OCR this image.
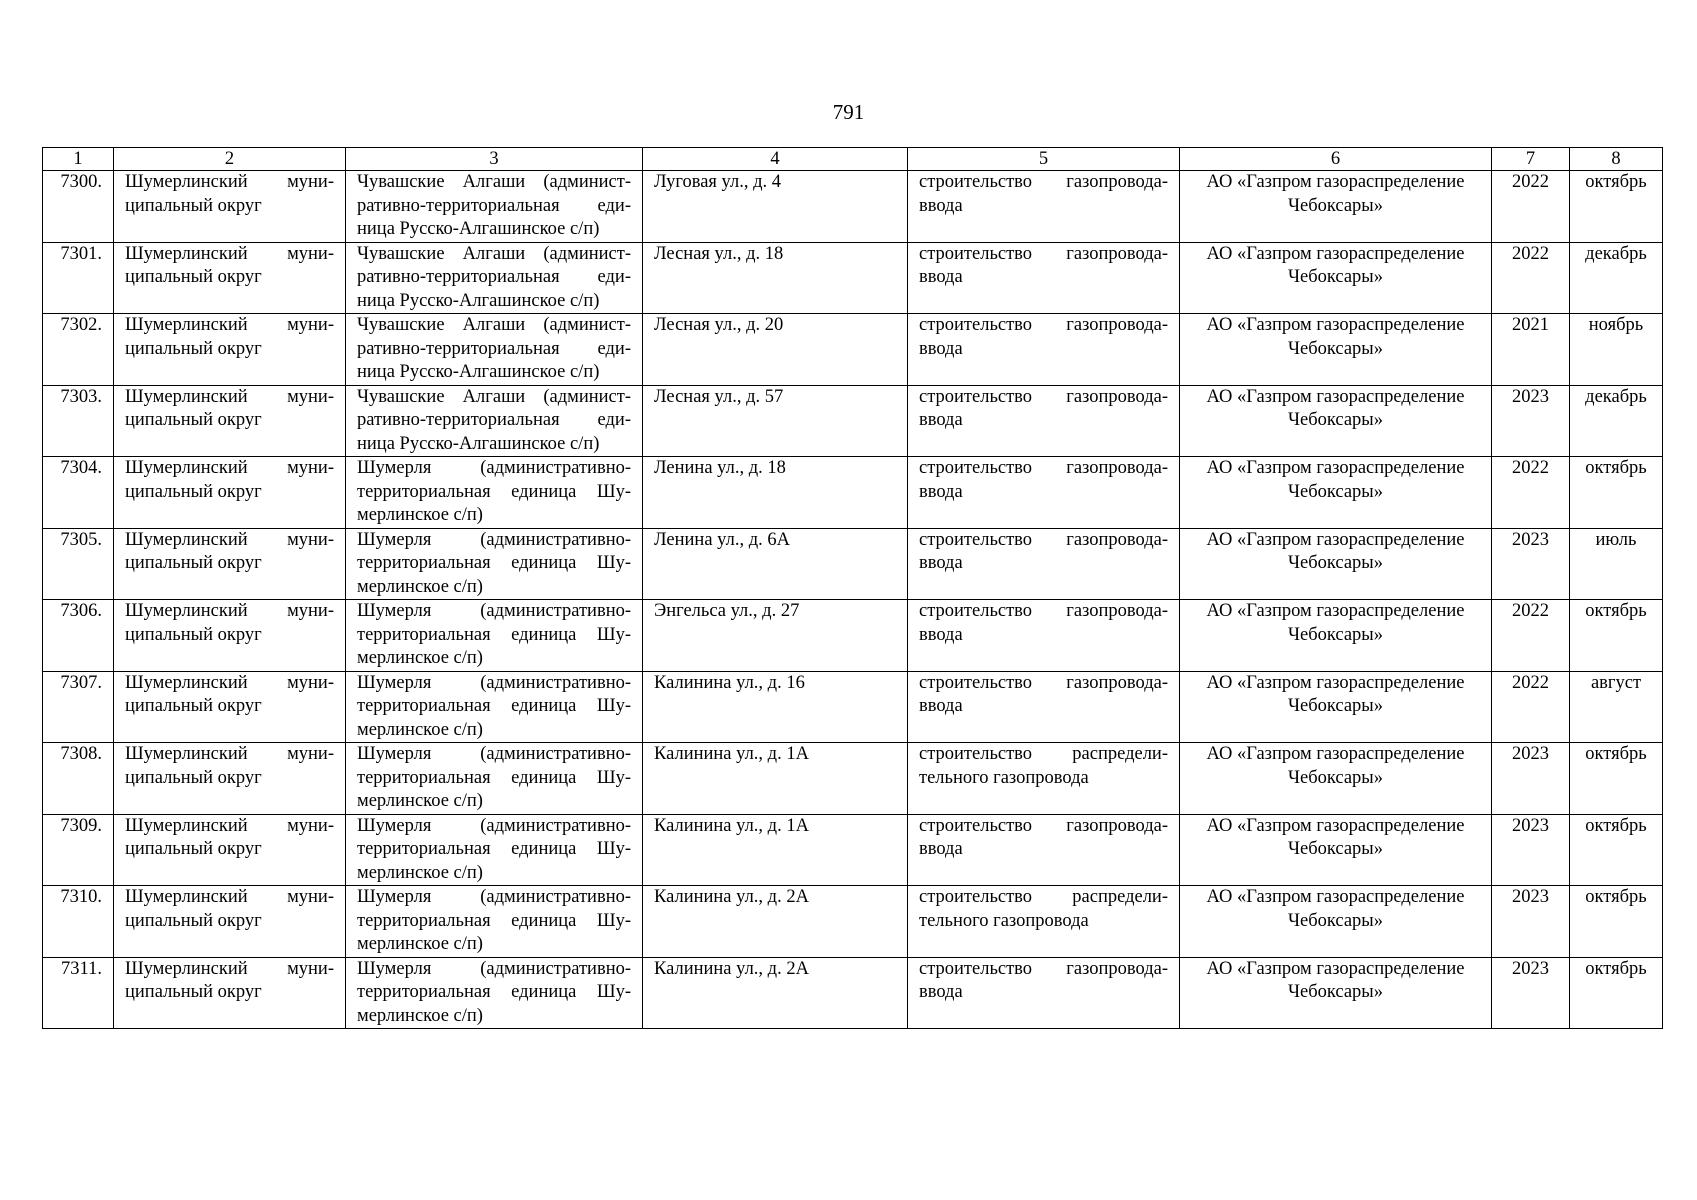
791
1	2	3	4	5	6	7	8
7300.	Шумерлинский муни-ципальный округ	Чувашские Алгаши (админист-ративно-территориальная еди-ница Русско-Алгашинское с/п)	Луговая ул., д. 4	строительство газопровода-ввода	АО «Газпром газораспределение Чебоксары»	2022	октябрь
7301.	Шумерлинский муни-ципальный округ	Чувашские Алгаши (админист-ративно-территориальная еди-ница Русско-Алгашинское с/п)	Лесная ул., д. 18	строительство газопровода-ввода	АО «Газпром газораспределение Чебоксары»	2022	декабрь
7302.	Шумерлинский муни-ципальный округ	Чувашские Алгаши (админист-ративно-территориальная еди-ница Русско-Алгашинское с/п)	Лесная ул., д. 20	строительство газопровода-ввода	АО «Газпром газораспределение Чебоксары»	2021	ноябрь
7303.	Шумерлинский муни-ципальный округ	Чувашские Алгаши (админист-ративно-территориальная еди-ница Русско-Алгашинское с/п)	Лесная ул., д. 57	строительство газопровода-ввода	АО «Газпром газораспределение Чебоксары»	2023	декабрь
7304.	Шумерлинский муни-ципальный округ	Шумерля (административно-территориальная единица Шу-мерлинское с/п)	Ленина ул., д. 18	строительство газопровода-ввода	АО «Газпром газораспределение Чебоксары»	2022	октябрь
7305.	Шумерлинский муни-ципальный округ	Шумерля (административно-территориальная единица Шу-мерлинское с/п)	Ленина ул., д. 6А	строительство газопровода-ввода	АО «Газпром газораспределение Чебоксары»	2023	июль
7306.	Шумерлинский муни-ципальный округ	Шумерля (административно-территориальная единица Шу-мерлинское с/п)	Энгельса ул., д. 27	строительство газопровода-ввода	АО «Газпром газораспределение Чебоксары»	2022	октябрь
7307.	Шумерлинский муни-ципальный округ	Шумерля (административно-территориальная единица Шу-мерлинское с/п)	Калинина ул., д. 16	строительство газопровода-ввода	АО «Газпром газораспределение Чебоксары»	2022	август
7308.	Шумерлинский муни-ципальный округ	Шумерля (административно-территориальная единица Шу-мерлинское с/п)	Калинина ул., д. 1А	строительство распредели-тельного газопровода	АО «Газпром газораспределение Чебоксары»	2023	октябрь
7309.	Шумерлинский муни-ципальный округ	Шумерля (административно-территориальная единица Шу-мерлинское с/п)	Калинина ул., д. 1А	строительство газопровода-ввода	АО «Газпром газораспределение Чебоксары»	2023	октябрь
7310.	Шумерлинский муни-ципальный округ	Шумерля (административно-территориальная единица Шу-мерлинское с/п)	Калинина ул., д. 2А	строительство распредели-тельного газопровода	АО «Газпром газораспределение Чебоксары»	2023	октябрь
7311.	Шумерлинский муни-ципальный округ	Шумерля (административно-территориальная единица Шу-мерлинское с/п)	Калинина ул., д. 2А	строительство газопровода-ввода	АО «Газпром газораспределение Чебоксары»	2023	октябрь
